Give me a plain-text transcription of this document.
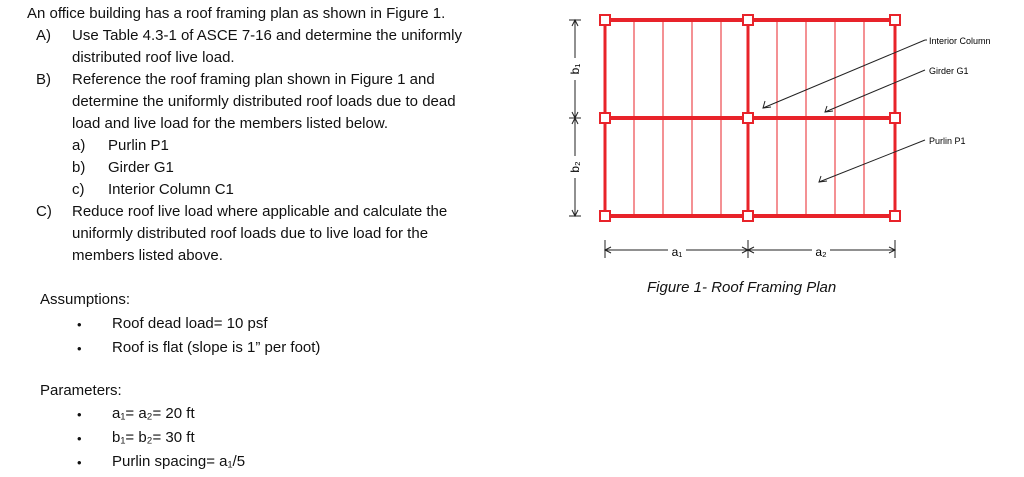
An office building has a roof framing plan as shown in Figure 1.
A) Use Table 4.3-1 of ASCE 7-16 and determine the uniformly
distributed roof live load.
B) Reference the roof framing plan shown in Figure 1 and
determine the uniformly distributed roof loads due to dead
load and live load for the members listed below.
a) Purlin P1
b) Girder G1
c) Interior Column C1
C) Reduce roof live load where applicable and calculate the
uniformly distributed roof loads due to live load for the
members listed above.
Assumptions:
• Roof dead load= 10 psf
• Roof is flat (slope is 1” per foot)
Parameters:
• a₁= a₂= 20 ft
• b₁= b₂= 30 ft
• Purlin spacing= a₁/5
b₁
b₂
a₁	a₂
Interior Column
Girder G1
Purlin P1
Figure 1- Roof Framing Plan
